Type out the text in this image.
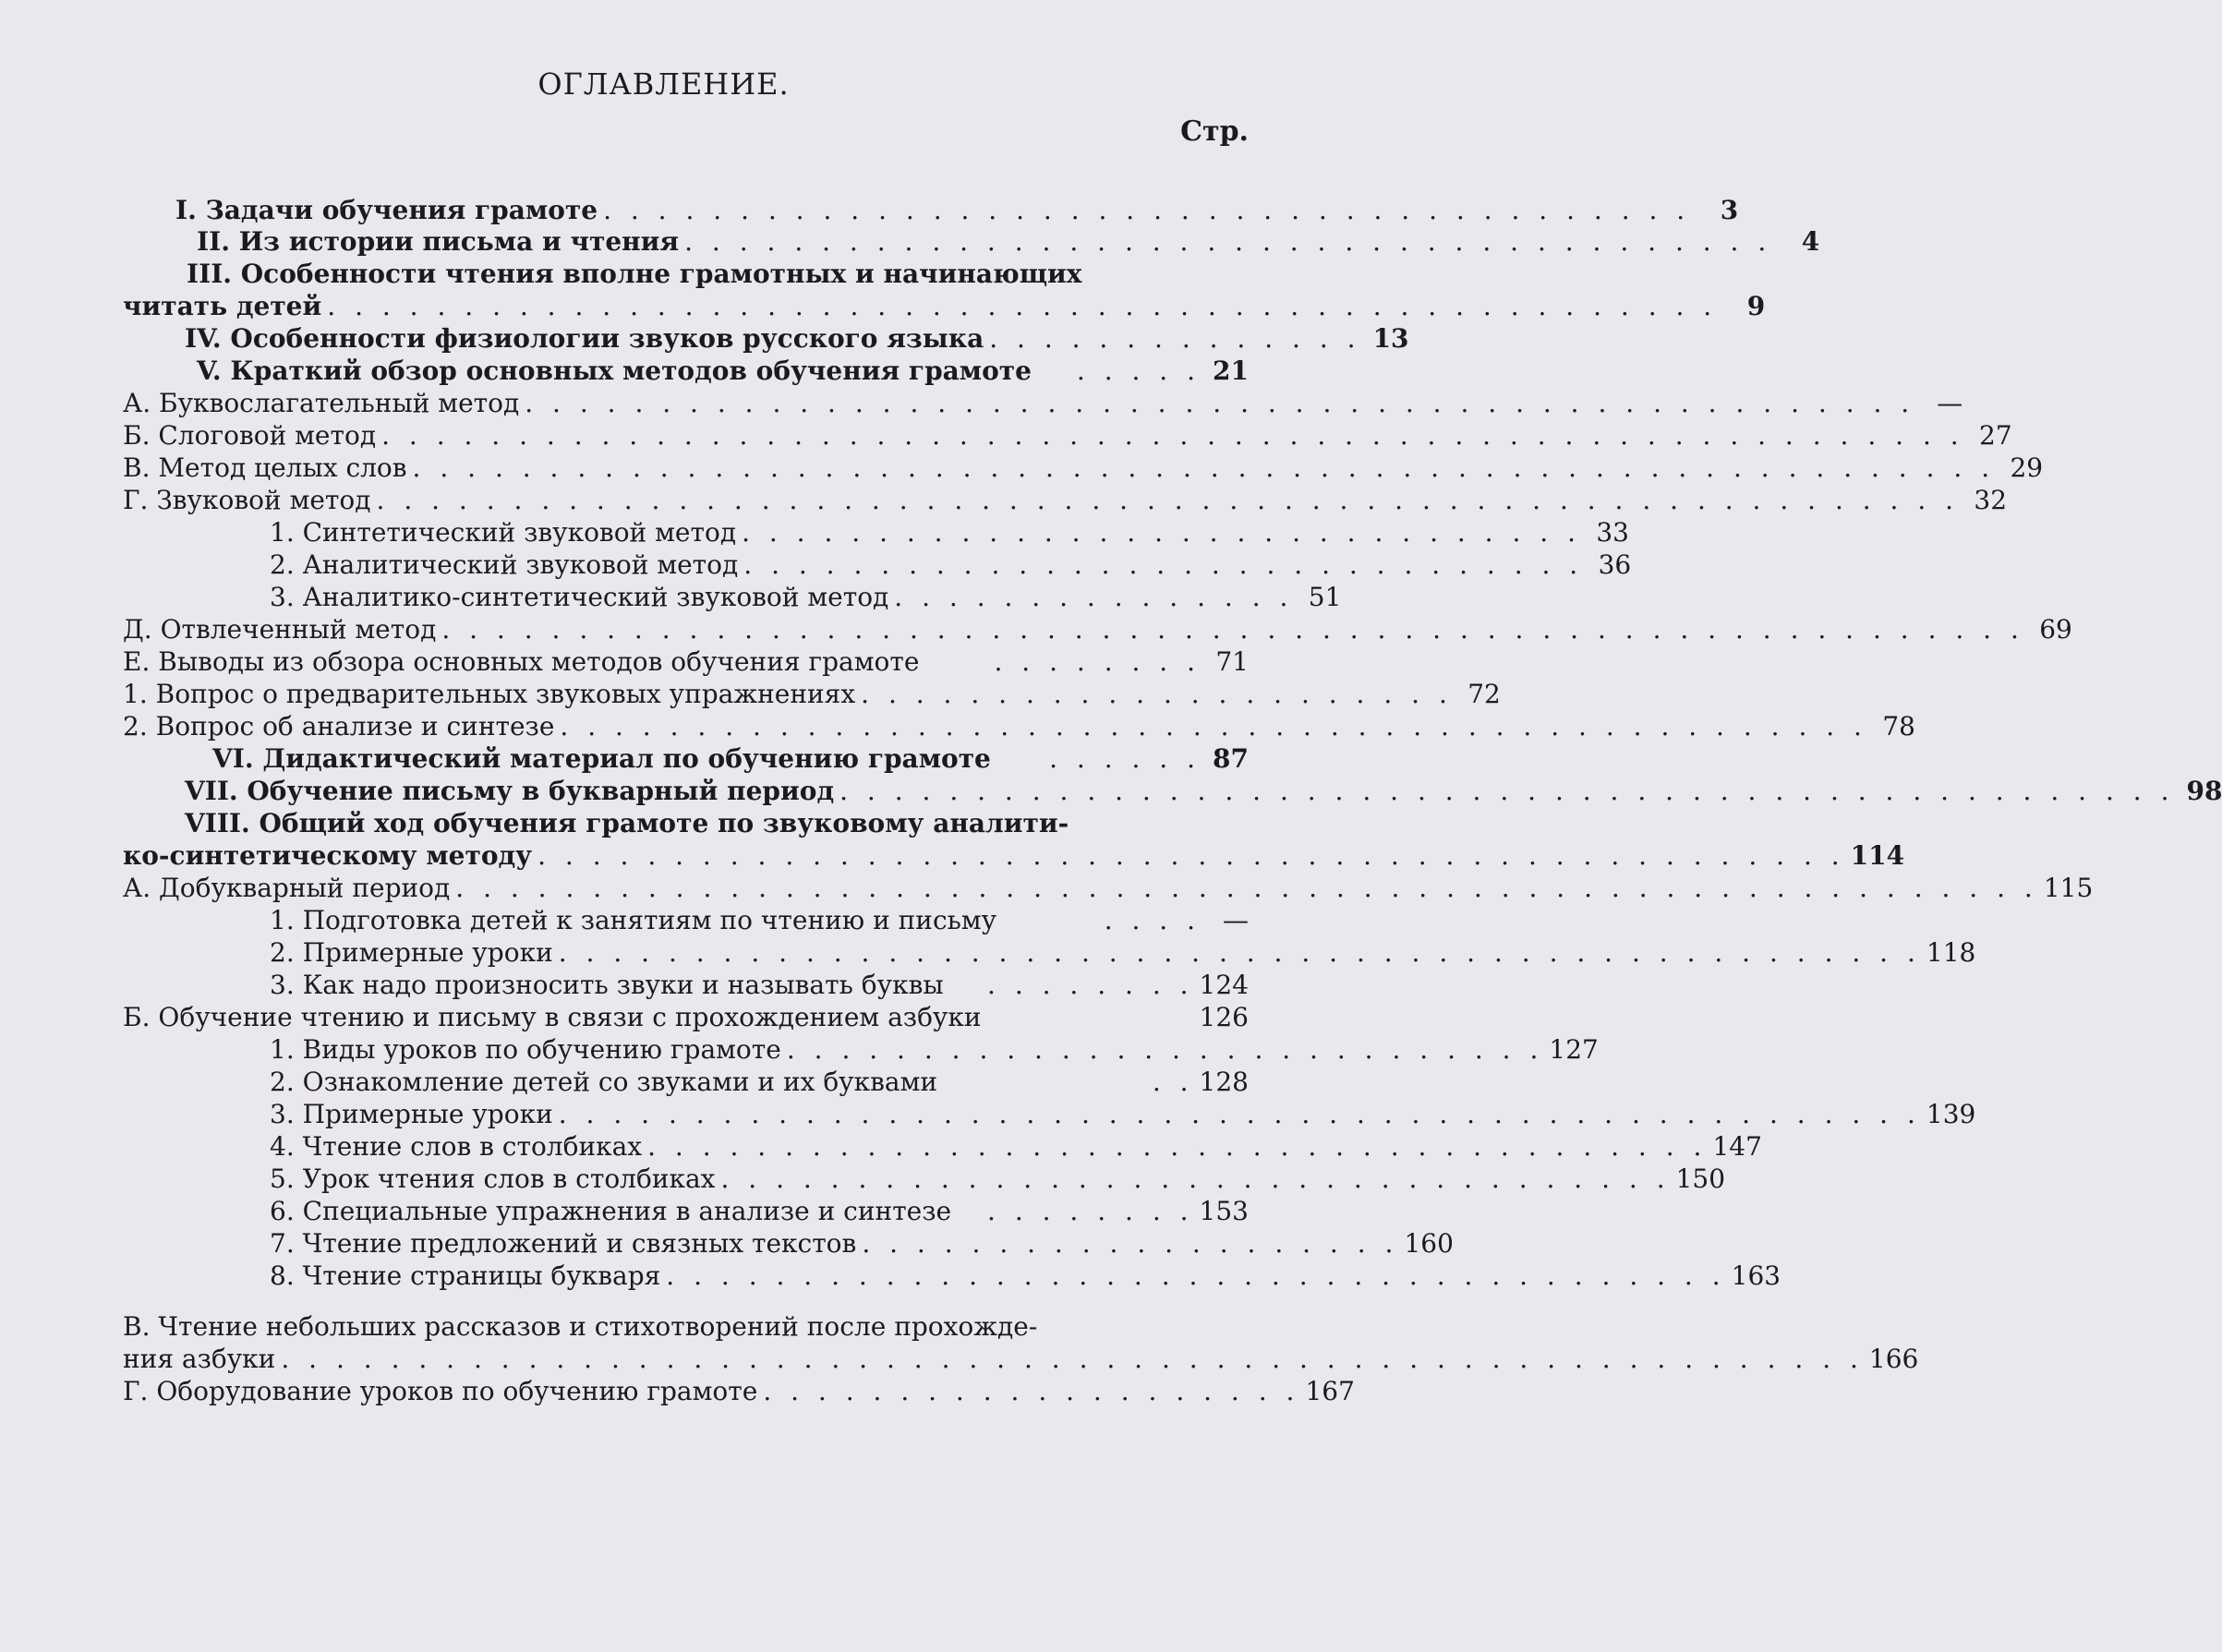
ОГЛАВЛЕНИЕ.
Стр.
I. Задачи обучения грамоте . . . . . . . . . . . . . . . . . . . . . . . . . . . . . . . . . . . . . . . .	3
II. Из истории письма и чтения . . . . . . . . . . . . . . . . . . . . . . . . . . . . . . . . . . . . . . . .	4
III. Особенности чтения вполне грамотных и начинающих
читать детей . . . . . . . . . . . . . . . . . . . . . . . . . . . . . . . . . . . . . . . . . . . . . . . . . . .	9
IV. Особенности физиологии звуков русского языка . . . . . . . . . . . . . . 13
V. Краткий обзор основных методов обучения грамоте	. . . . . 21
А. Буквослагательный метод . . . . . . . . . . . . . . . . . . . . . . . . . . . . . . . . . . . . . . . . . . . . . . . . . . . —
Б. Слоговой метод . . . . . . . . . . . . . . . . . . . . . . . . . . . . . . . . . . . . . . . . . . . . . . . . . . . . . . . . . . 27
В. Метод целых слов . . . . . . . . . . . . . . . . . . . . . . . . . . . . . . . . . . . . . . . . . . . . . . . . . . . . . . . . . . 29
Г. Звуковой метод . . . . . . . . . . . . . . . . . . . . . . . . . . . . . . . . . . . . . . . . . . . . . . . . . . . . . . . . . . 32
1. Синтетический звуковой метод . . . . . . . . . . . . . . . . . . . . . . . . . . . . . . . 33
2. Аналитический звуковой метод . . . . . . . . . . . . . . . . . . . . . . . . . . . . . . . 36
3. Аналитико-синтетический звуковой метод . . . . . . . . . . . . . . . 51
Д. Отвлеченный метод . . . . . . . . . . . . . . . . . . . . . . . . . . . . . . . . . . . . . . . . . . . . . . . . . . . . . . . . . . 69
Е. Выводы из обзора основных методов обучения грамоте	. . . . . . . . 71
1. Вопрос о предварительных звуковых упражнениях . . . . . . . . . . . . . . . . . . . . . . 72
2. Вопрос об анализе и синтезе . . . . . . . . . . . . . . . . . . . . . . . . . . . . . . . . . . . . . . . . . . . . . . . . 78
VI. Дидактический материал по обучению грамоте	. . . . . . 87
VII. Обучение письму в букварный период . . . . . . . . . . . . . . . . . . . . . . . . . . . . . . . . . . . . . . . . . . . . . . . . . 98
VIII. Общий ход обучения грамоте по звуковому аналити-
ко-синтетическому методу . . . . . . . . . . . . . . . . . . . . . . . . . . . . . . . . . . . . . . . . . . . . . . . . 114
А. Добукварный период . . . . . . . . . . . . . . . . . . . . . . . . . . . . . . . . . . . . . . . . . . . . . . . . . . . . . . . . . . 115
1. Подготовка детей к занятиям по чтению и письму	. . . . —
2. Примерные уроки . . . . . . . . . . . . . . . . . . . . . . . . . . . . . . . . . . . . . . . . . . . . . . . . . . 118
3. Как надо произносить звуки и называть буквы	. . . . . . . . 124
Б. Обучение чтению и письму в связи с прохождением азбуки	126
1. Виды уроков по обучению грамоте . . . . . . . . . . . . . . . . . . . . . . . . . . . . 127
2. Ознакомление детей со звуками и их буквами	. . 128
3. Примерные уроки . . . . . . . . . . . . . . . . . . . . . . . . . . . . . . . . . . . . . . . . . . . . . . . . . . 139
4. Чтение слов в столбиках . . . . . . . . . . . . . . . . . . . . . . . . . . . . . . . . . . . . . . . 147
5. Урок чтения слов в столбиках . . . . . . . . . . . . . . . . . . . . . . . . . . . . . . . . . . . 150
6. Специальные упражнения в анализе и синтезе	. . . . . . . . 153
7. Чтение предложений и связных текстов . . . . . . . . . . . . . . . . . . . . 160
8. Чтение страницы букваря . . . . . . . . . . . . . . . . . . . . . . . . . . . . . . . . . . . . . . . 163
В. Чтение небольших рассказов и стихотворений после прохожде-
ния азбуки . . . . . . . . . . . . . . . . . . . . . . . . . . . . . . . . . . . . . . . . . . . . . . . . . . . . . . . . . . 166
Г. Оборудование уроков по обучению грамоте . . . . . . . . . . . . . . . . . . . . 167
